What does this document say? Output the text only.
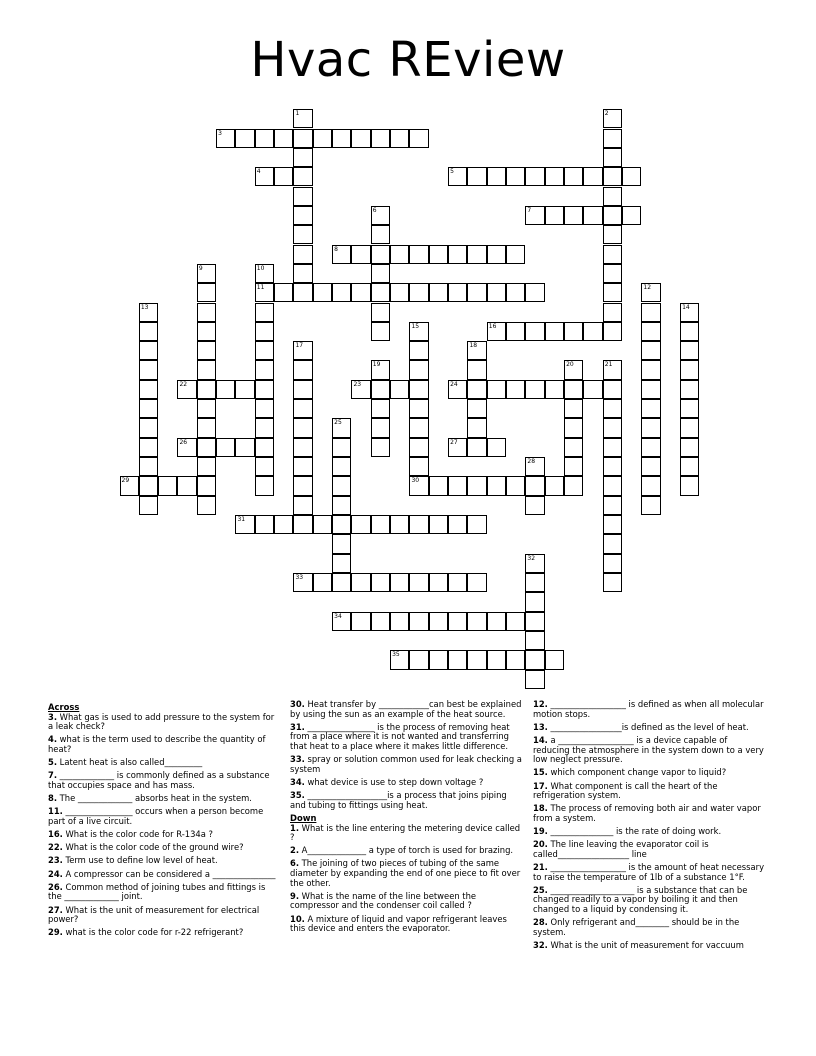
Hvac REview
3
4	5
7
8
11
16
22	23	24
26	27
29	30
31
33
34
35
1	2
6
9	10
12
13	14
15
17	18
19	20	21
25
28
32
Across
3. What gas is used to add pressure to the system for a leak check?
4. what is the term used to describe the quantity of heat?
5. Latent heat is also called_________
7. _____________ is commonly defined as a substance that occupies space and has mass.
8. The _____________ absorbs heat in the system.
11. ________________ occurs when a person become part of a live circuit.
16. What is the color code for R-134a ?
22. What is the color code of the ground wire?
23. Term use to define low level of heat.
24. A compressor can be considered a _______________
26. Common method of joining tubes and fittings is the _____________ joint.
27. What is the unit of measurement for electrical power?
29. what is the color code for r-22 refrigerant?
30. Heat transfer by ____________can best be explained by using the sun as an example of the heat source.
31. ________________ is the process of removing heat from a place where it is not wanted and transferring that heat to a place where it makes little difference.
33. spray or solution common used for leak checking a system
34. what device is use to step down voltage ?
35. ___________________is a process that joins piping and tubing to fittings using heat.
Down
1. What is the line entering the metering device called ?
2. A______________ a type of torch is used for brazing.
6. The joining of two pieces of tubing of the same diameter by expanding the end of one piece to fit over the other.
9. What is the name of the line between the compressor and the condenser coil called ?
10. A mixture of liquid and vapor refrigerant leaves this device and enters the evaporator.
12. __________________ is defined as when all molecular motion stops.
13. _________________is defined as the level of heat.
14. a __________________ is a device capable of reducing the atmosphere in the system down to a very low neglect pressure.
15. which component change vapor to liquid?
17. What component is call the heart of the refrigeration system.
18. The process of removing both air and water vapor from a system.
19. _______________ is the rate of doing work.
20. The line leaving the evaporator coil is called_________________ line
21. __________________ is the amount of heat necessary to raise the temperature of 1lb of a substance 1°F.
25. ____________________ is a substance that can be changed readily to a vapor by boiling it and then changed to a liquid by condensing it.
28. Only refrigerant and________ should be in the system.
32. What is the unit of measurement for vaccuum
